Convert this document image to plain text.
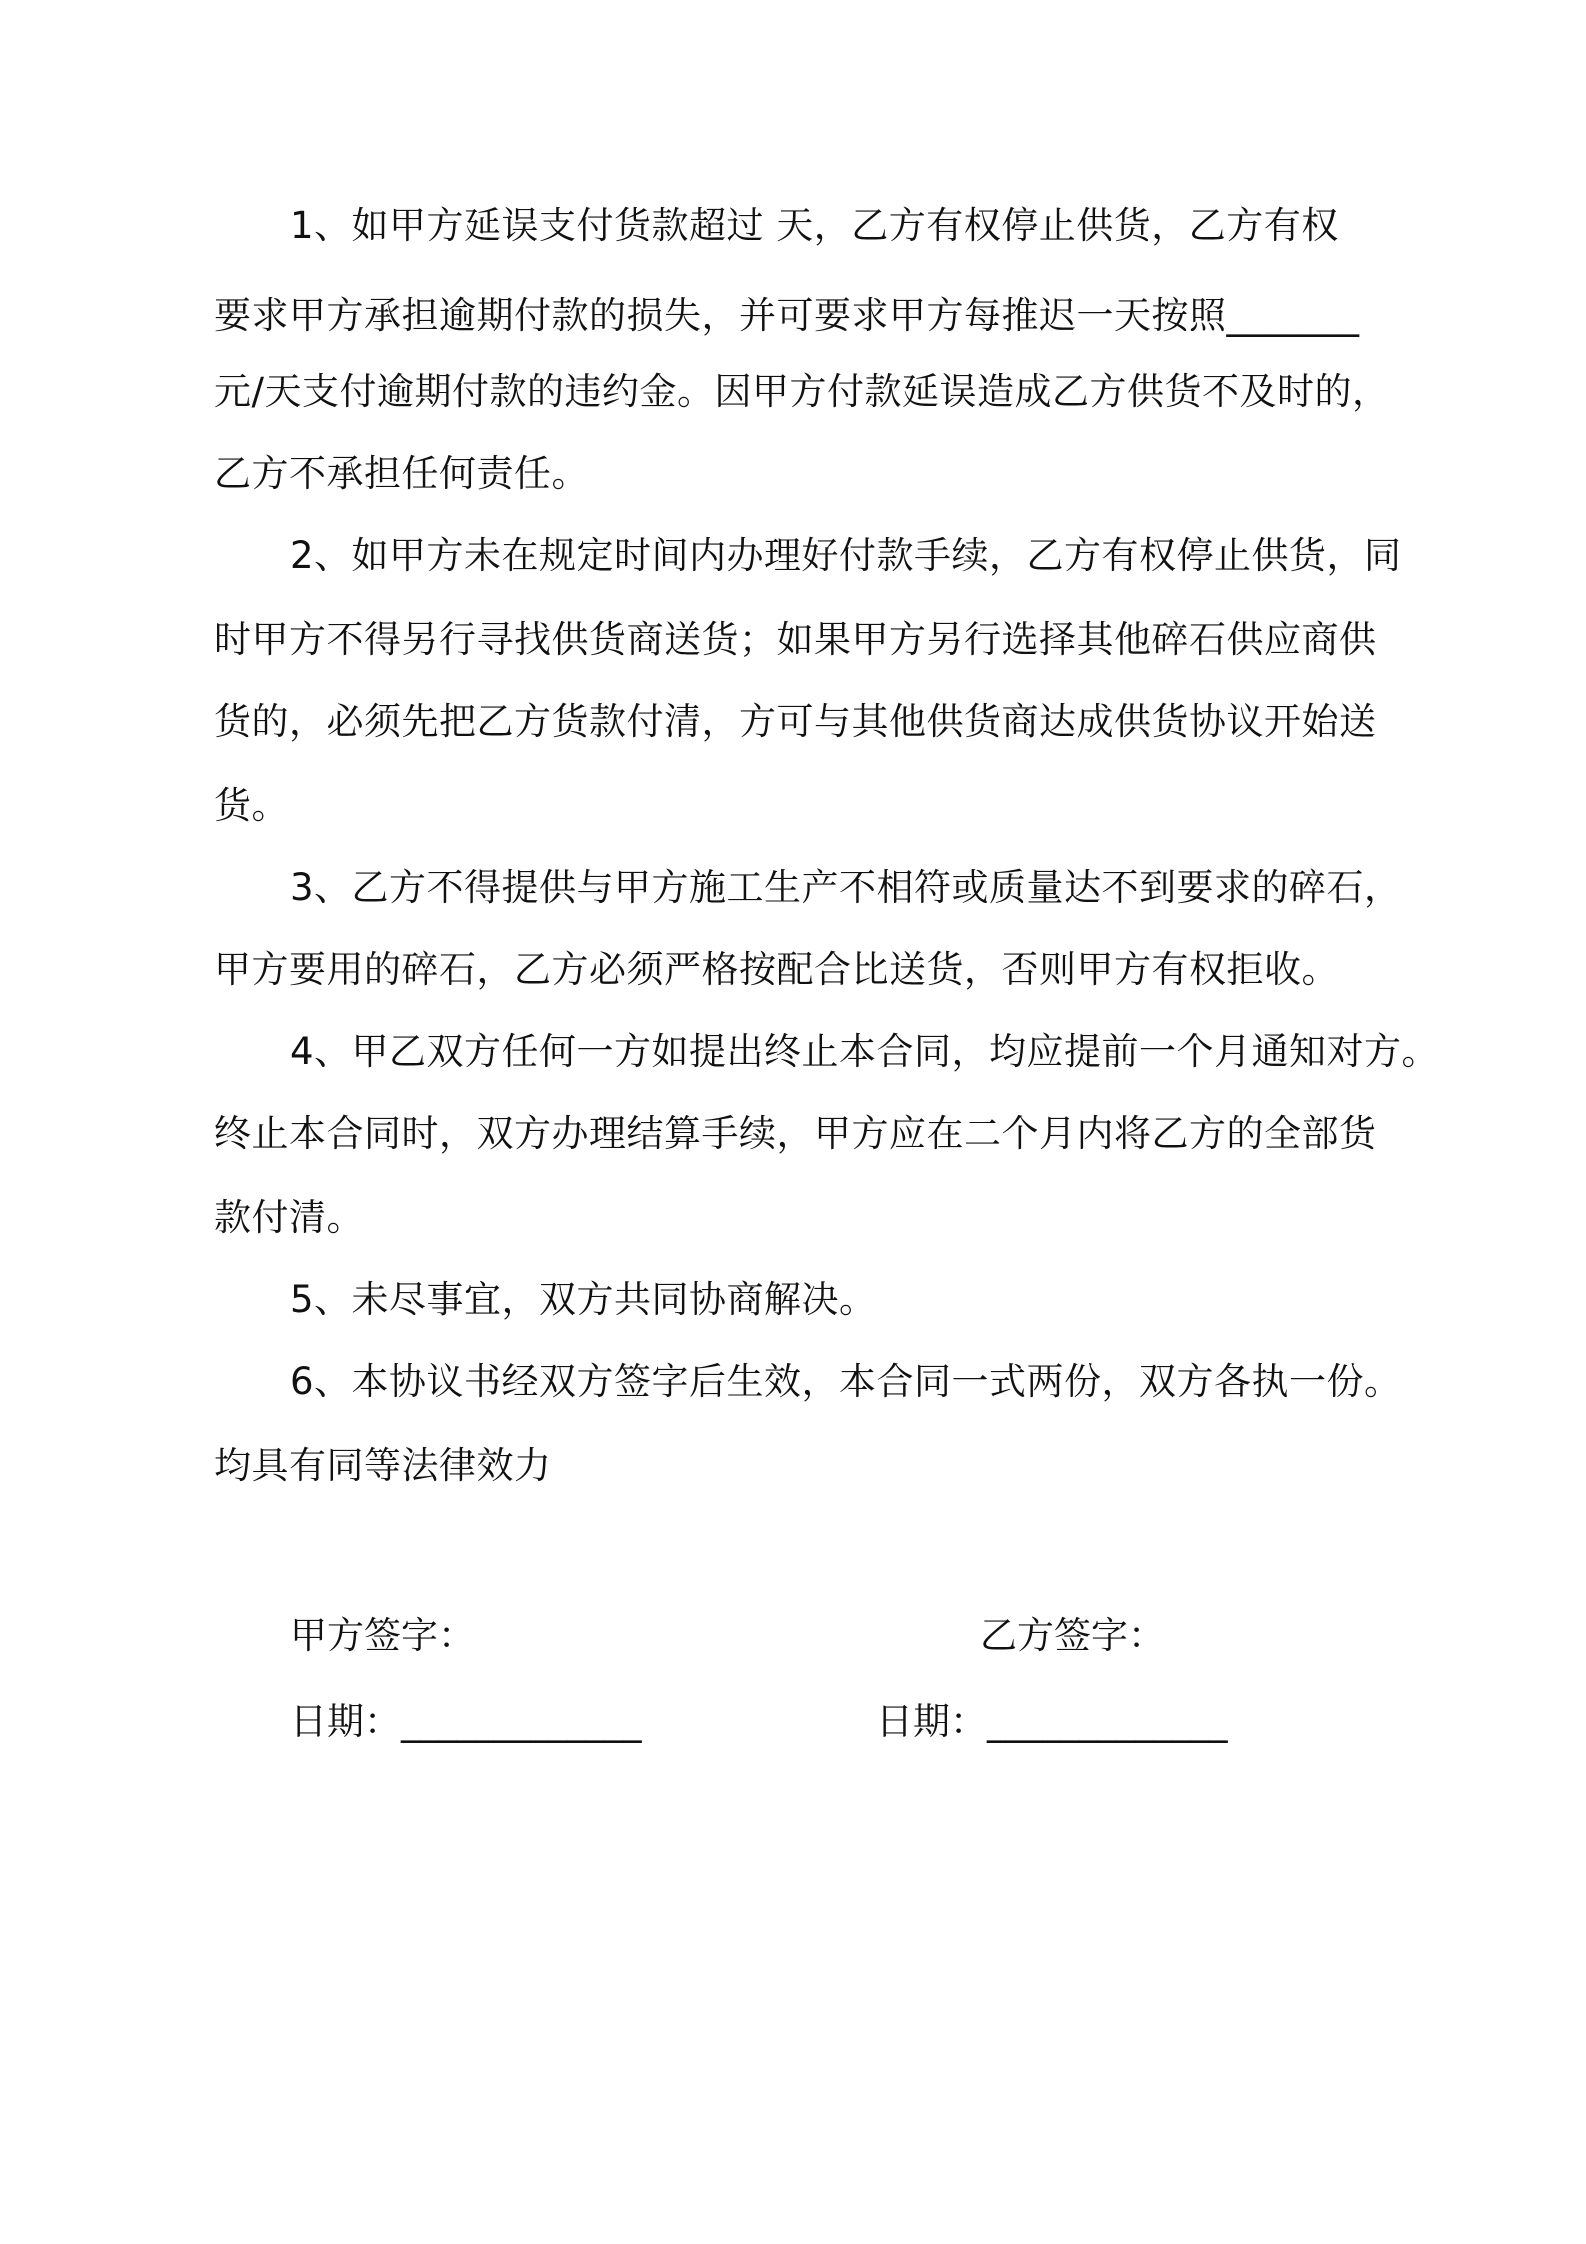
1、如甲方延误支付货款超过 天，乙方有权停止供货，乙方有权
要求甲方承担逾期付款的损失，并可要求甲方每推迟一天按照_______
元/天支付逾期付款的违约金。因甲方付款延误造成乙方供货不及时的，
乙方不承担任何责任。
2、如甲方未在规定时间内办理好付款手续，乙方有权停止供货，同
时甲方不得另行寻找供货商送货；如果甲方另行选择其他碎石供应商供
货的，必须先把乙方货款付清，方可与其他供货商达成供货协议开始送
货。
3、乙方不得提供与甲方施工生产不相符或质量达不到要求的碎石，
甲方要用的碎石，乙方必须严格按配合比送货，否则甲方有权拒收。
4、甲乙双方任何一方如提出终止本合同，均应提前一个月通知对方。
终止本合同时，双方办理结算手续，甲方应在二个月内将乙方的全部货
款付清。
5、未尽事宜，双方共同协商解决。
6、本协议书经双方签字后生效，本合同一式两份，双方各执一份。
均具有同等法律效力
甲方签字：	乙方签字：
日期：_____________	日期：_____________
